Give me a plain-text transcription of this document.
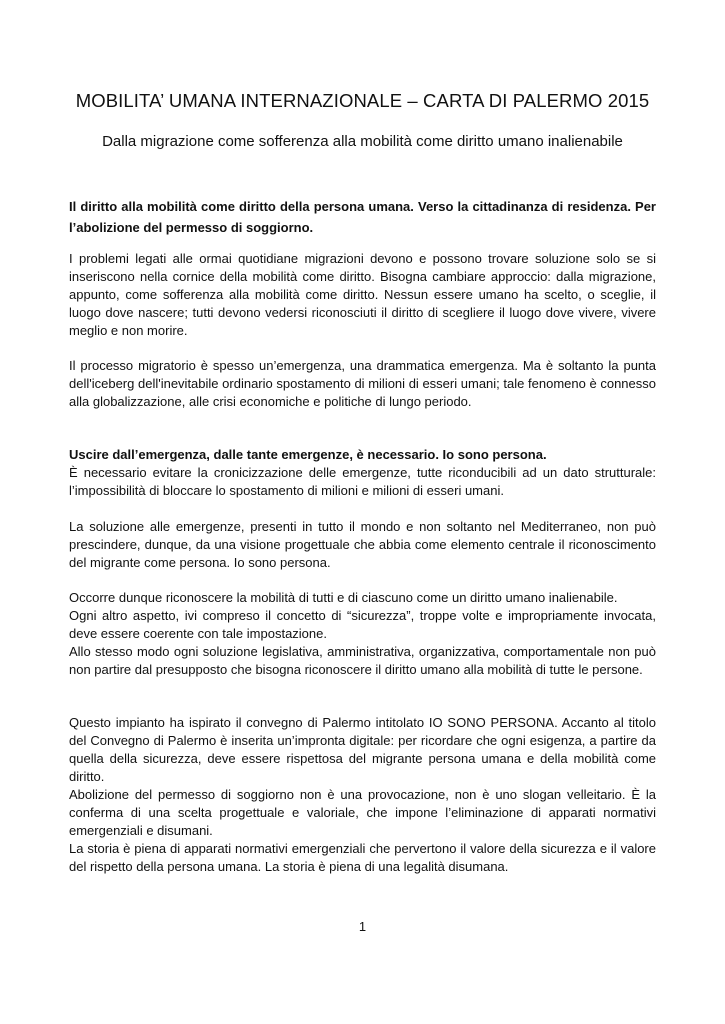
MOBILITA’ UMANA INTERNAZIONALE – CARTA DI PALERMO 2015
Dalla migrazione come sofferenza alla mobilità come diritto umano inalienabile
Il diritto alla mobilità come diritto della persona umana. Verso la cittadinanza di residenza. Per l’abolizione del permesso di soggiorno.
I problemi legati alle ormai quotidiane migrazioni devono e possono trovare soluzione solo se si inseriscono nella cornice della mobilità come diritto. Bisogna cambiare approccio: dalla migrazione, appunto, come sofferenza alla mobilità come diritto. Nessun essere umano ha scelto, o sceglie, il luogo dove nascere; tutti devono vedersi riconosciuti il diritto di scegliere il luogo dove vivere, vivere meglio e non morire.
Il processo migratorio è spesso un’emergenza, una drammatica emergenza. Ma è soltanto la punta dell'iceberg dell'inevitabile ordinario spostamento di milioni di esseri umani; tale fenomeno è connesso alla globalizzazione, alle crisi economiche e politiche di lungo periodo.
Uscire dall’emergenza, dalle tante emergenze, è necessario. Io sono persona.
È necessario evitare la cronicizzazione delle emergenze, tutte riconducibili ad un dato strutturale: l’impossibilità di bloccare lo spostamento di milioni e milioni di esseri umani.
La soluzione alle emergenze, presenti in tutto il mondo e non soltanto nel Mediterraneo, non può prescindere, dunque, da una visione progettuale che abbia come elemento centrale il riconoscimento del migrante come persona. Io sono persona.
Occorre dunque riconoscere la mobilità di tutti e di ciascuno come un diritto umano inalienabile.
Ogni altro aspetto, ivi compreso il concetto di “sicurezza”, troppe volte e impropriamente invocata, deve essere coerente con tale impostazione.
Allo stesso modo ogni soluzione legislativa, amministrativa, organizzativa, comportamentale non può non partire dal presupposto che bisogna riconoscere il diritto umano alla mobilità di tutte le persone.
Questo impianto ha ispirato il convegno di Palermo intitolato IO SONO PERSONA. Accanto al titolo del Convegno di Palermo è inserita un’impronta digitale: per ricordare che ogni esigenza, a partire da quella della sicurezza, deve essere rispettosa del migrante persona umana e della mobilità come diritto.
Abolizione del permesso di soggiorno non è una provocazione, non è uno slogan velleitario. È la conferma di una scelta progettuale e valoriale, che impone l’eliminazione di apparati normativi emergenziali e disumani.
La storia è piena di apparati normativi emergenziali che pervertono il valore della sicurezza e il valore del rispetto della persona umana. La storia è piena di una legalità disumana.
1
